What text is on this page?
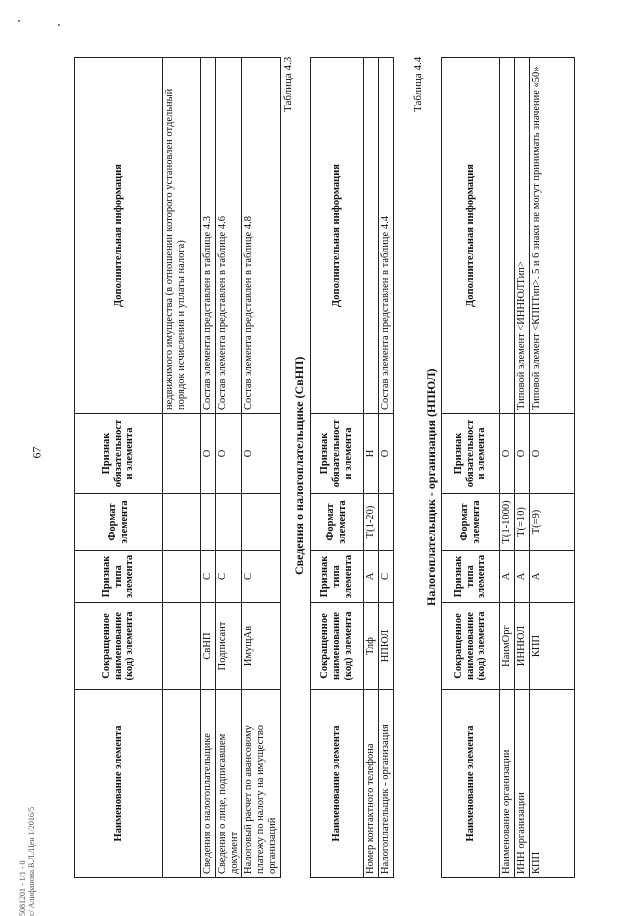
67
5081201 - 1/1 - 0 с/ Алифанова В.Л./Цен 1/2016/5
Наименование элемента	Сокращенное наименование (код) элемента	Признак типа элемента	Формат элемента	Признак обязательности элемента	Дополнительная информация
					недвижимого имущества (в отношении которого установлен отдельный порядок исчисления и уплаты налога)
Сведения о налогоплательщике	СвНП	С		О	Состав элемента представлен в таблице 4.3
Сведения о лице, подписавшем документ	Подписант	С		О	Состав элемента представлен в таблице 4.6
Налоговый расчет по авансовому платежу по налогу на имущество организаций	ИмущАв	С		О	Состав элемента представлен в таблице 4.8
Таблица 4.3
Сведения о налогоплательщике (СвНП)
Наименование элемента	Сокращенное наименование (код) элемента	Признак типа элемента	Формат элемента	Признак обязательности элемента	Дополнительная информация
Номер контактного телефона	Тлф	А	T(1-20)	Н	
Налогоплательщик - организация	НПЮЛ	С		О	Состав элемента представлен в таблице 4.4
Таблица 4.4
Налогоплательщик - организация (НПЮЛ)
Наименование элемента	Сокращенное наименование (код) элемента	Признак типа элемента	Формат элемента	Признак обязательности элемента	Дополнительная информация
Наименование организации	НаимОрг	А	T(1-1000)	О	
ИНН организации	ИННЮЛ	А	T(=10)	О	Типовой элемент <ИННЮЛТип>
КПП	КПП	А	T(=9)	О	Типовой элемент <КППТип>. 5 и 6 знаки не могут принимать значение «50»
